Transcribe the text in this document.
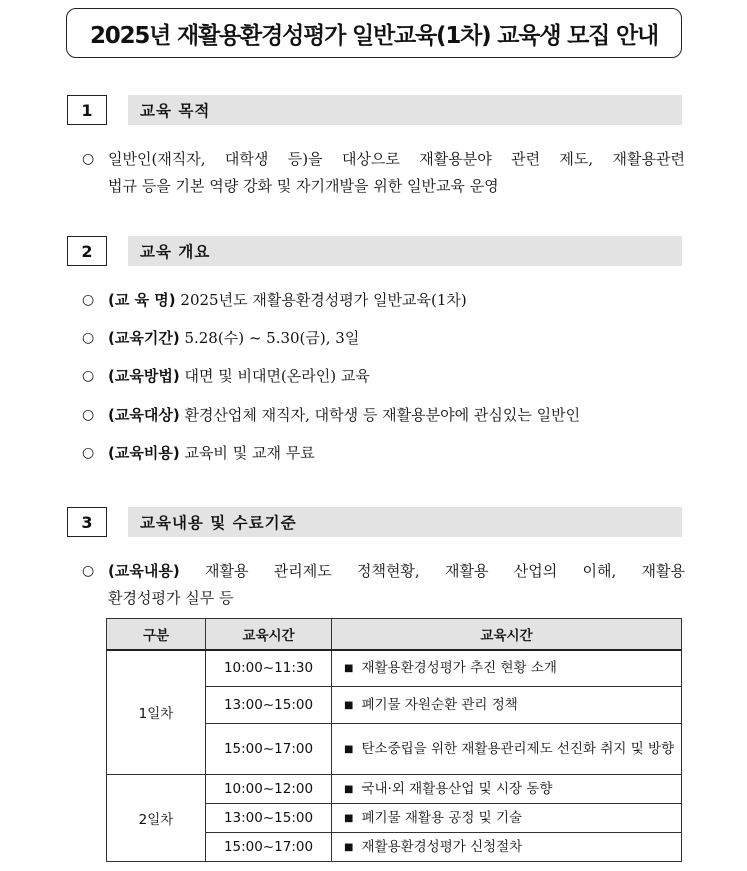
2025년 재활용환경성평가 일반교육(1차) 교육생 모집 안내
1	교육 목적
○ 일반인(재직자, 대학생 등)을 대상으로 재활용분야 관련 제도, 재활용관련
법규 등을 기본 역량 강화 및 자기개발을 위한 일반교육 운영
2	교육 개요
○ (교 육 명) 2025년도 재활용환경성평가 일반교육(1차)
○ (교육기간) 5.28(수) ~ 5.30(금), 3일
○ (교육방법) 대면 및 비대면(온라인) 교육
○ (교육대상) 환경산업체 재직자, 대학생 등 재활용분야에 관심있는 일반인
○ (교육비용) 교육비 및 교재 무료
3	교육내용 및 수료기준
○ (교육내용) 재활용 관리제도 정책현황, 재활용 산업의 이해, 재활용
환경성평가 실무 등
구분	교육시간	교육시간
1일차	10:00~11:30	■ 재활용환경성평가 추진 현황 소개

	13:00~15:00	■ 폐기물 자원순환 관리 정책

	15:00~17:00	■ 탄소중립을 위한 재활용관리제도 선진화 취지 및 방향

2일차	10:00~12:00	■ 국내·외 재활용산업 및 시장 동향

	13:00~15:00	■ 폐기물 재활용 공정 및 기술

	15:00~17:00	■ 재활용환경성평가 신청절차
